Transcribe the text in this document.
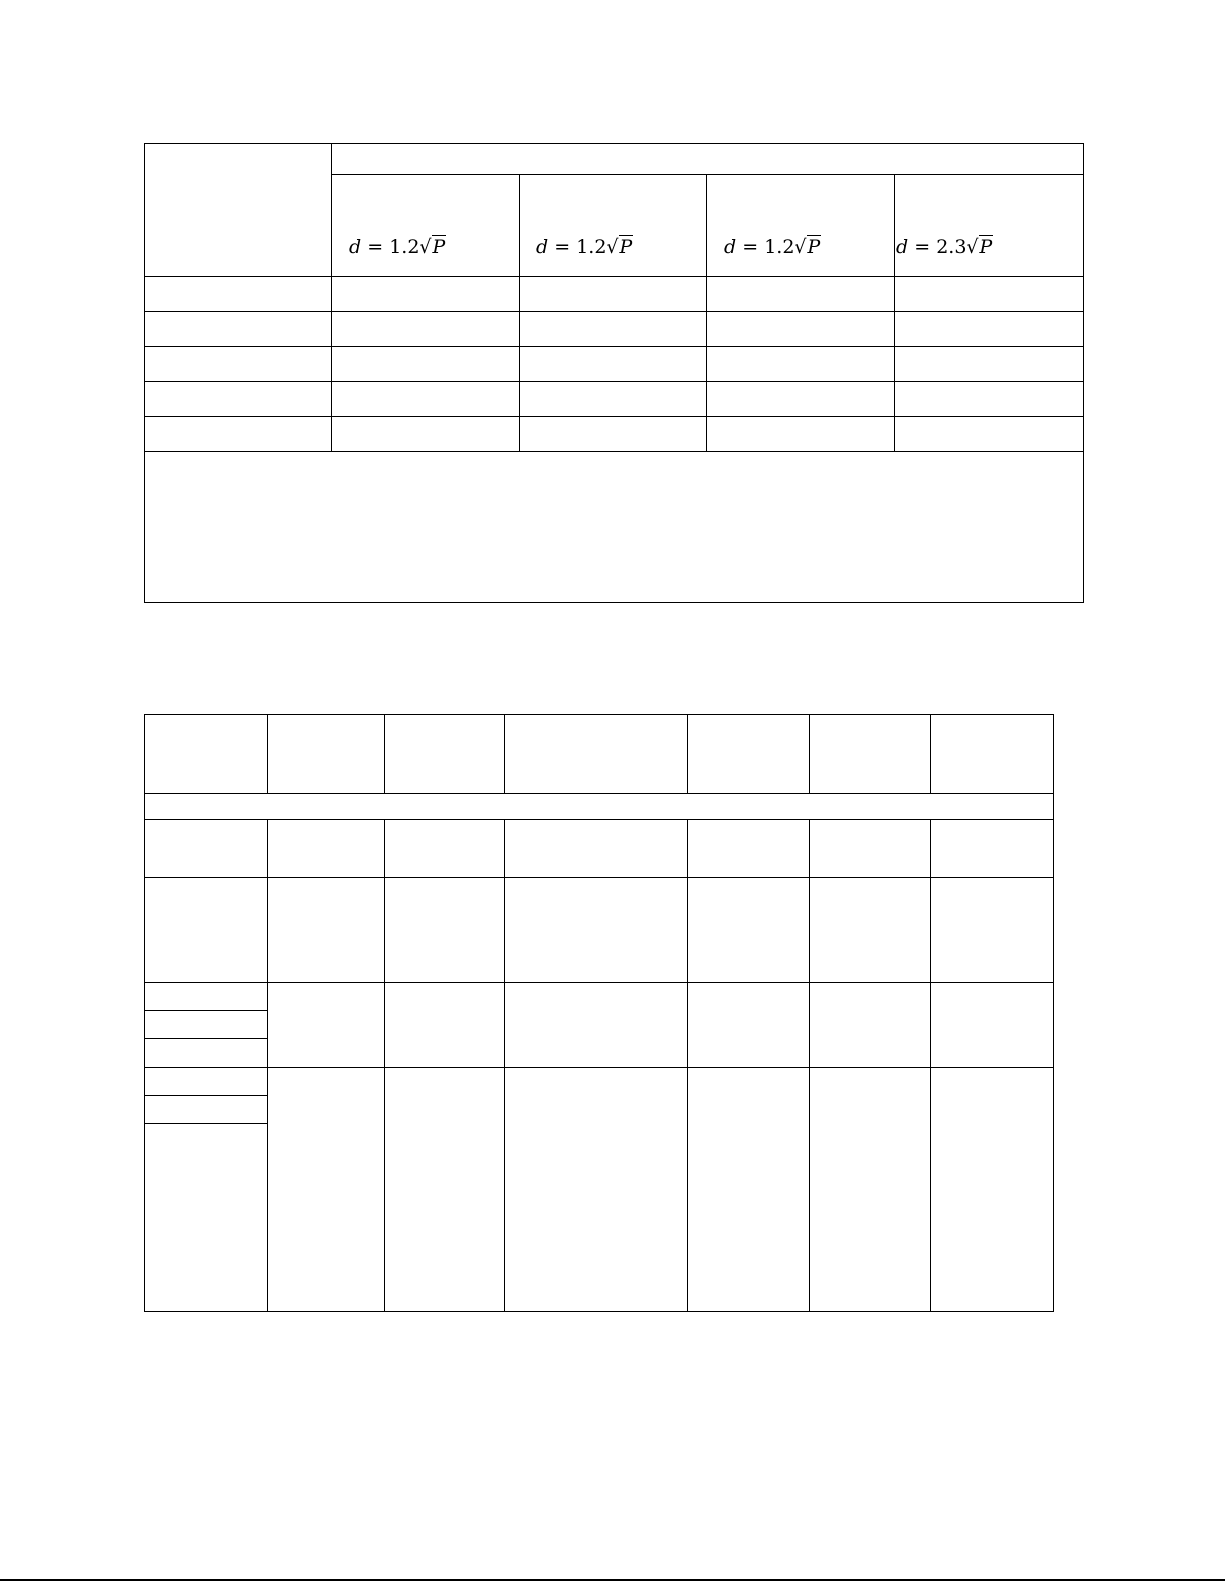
d = 1.2√P	d = 1.2√P	d = 1.2√P	d = 2.3√P
